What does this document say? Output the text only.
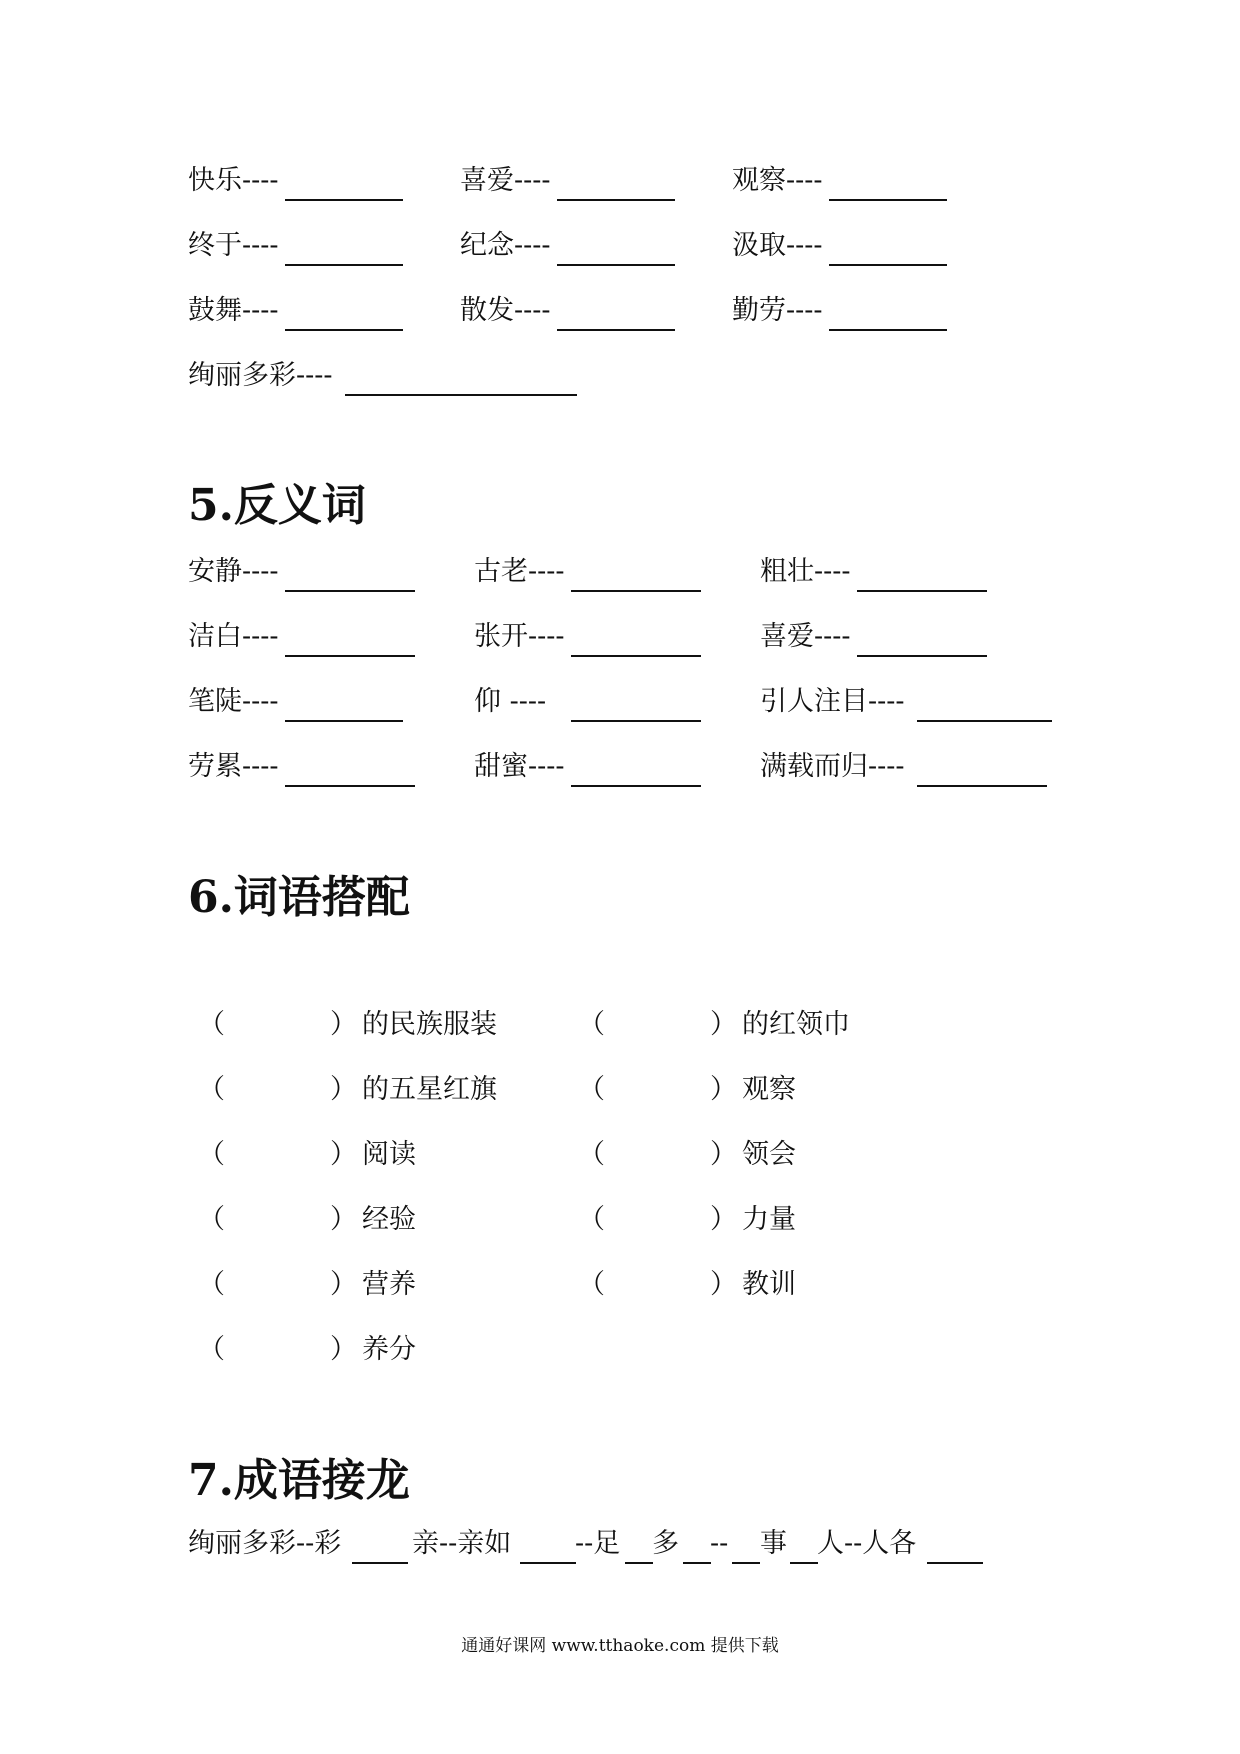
快乐----	喜爱----	观察----
终于----	纪念----	汲取----
鼓舞----	散发----	勤劳----
绚丽多彩----
5.反义词
安静----	古老----	粗壮----
洁白----	张开----	喜爱----
笔陡----	仰 ----	引人注目----
劳累----	甜蜜----	满载而归----
6.词语搭配
（	） 的民族服装	（	） 的红领巾
（	） 的五星红旗	（	） 观察
（	） 阅读	（	） 领会
（	） 经验	（	） 力量
（	） 营养	（	） 教训
（	） 养分
7.成语接龙
绚丽多彩--彩	亲--亲如 --足 多 -- 事 人--人各
通通好课网 www.tthaoke.com 提供下载
